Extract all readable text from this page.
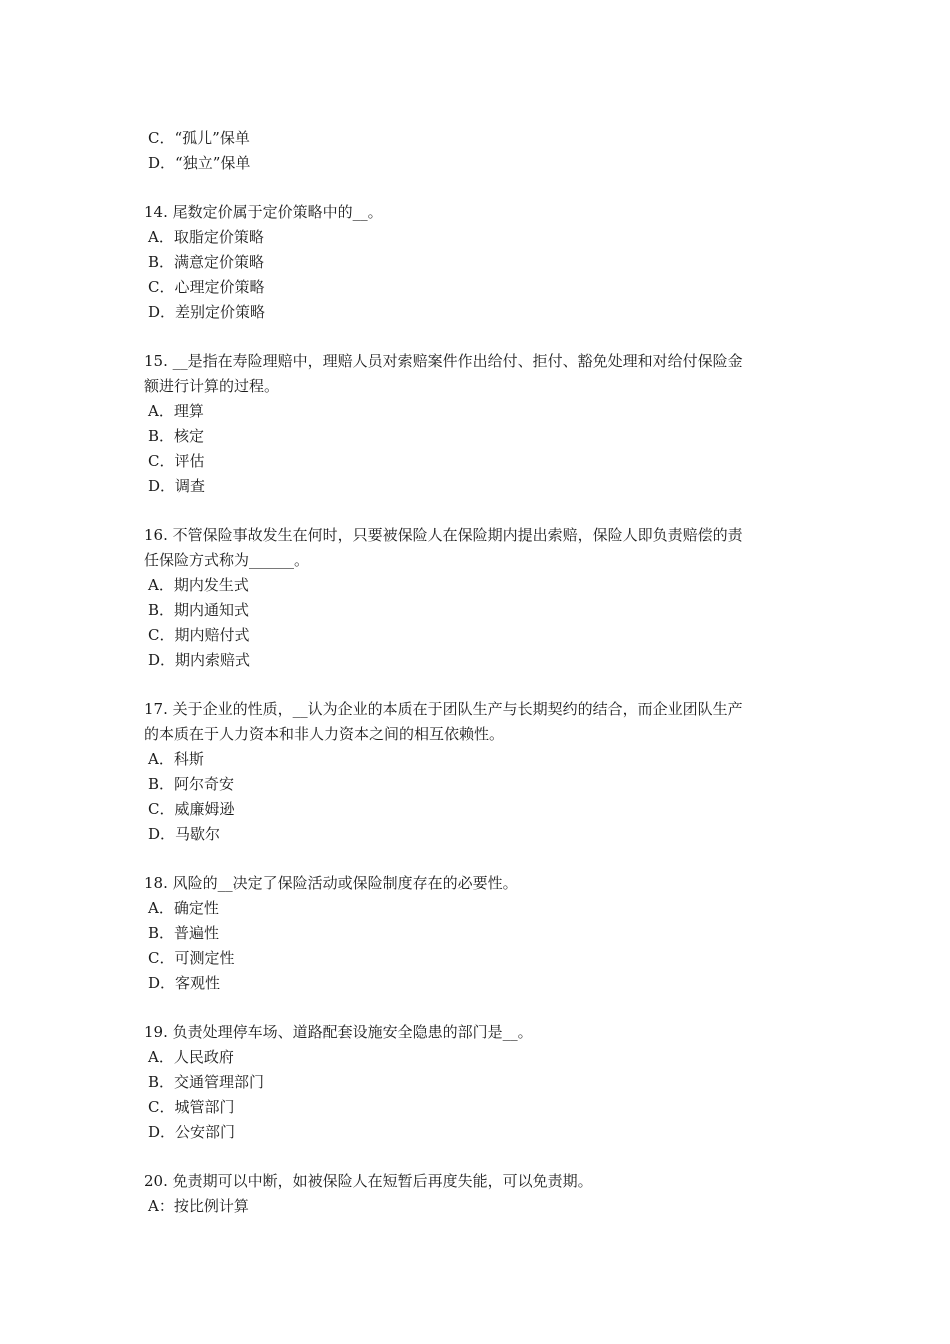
C．“孤儿”保单
D．“独立”保单
14. 尾数定价属于定价策略中的__。
A．取脂定价策略
B．满意定价策略
C．心理定价策略
D．差别定价策略
15. __是指在寿险理赔中，理赔人员对索赔案件作出给付、拒付、豁免处理和对给付保险金
额进行计算的过程。
A．理算
B．核定
C．评估
D．调查
16. 不管保险事故发生在何时，只要被保险人在保险期内提出索赔，保险人即负责赔偿的责
任保险方式称为______。
A．期内发生式
B．期内通知式
C．期内赔付式
D．期内索赔式
17. 关于企业的性质，__认为企业的本质在于团队生产与长期契约的结合，而企业团队生产
的本质在于人力资本和非人力资本之间的相互依赖性。
A．科斯
B．阿尔奇安
C．威廉姆逊
D．马歇尔
18. 风险的__决定了保险活动或保险制度存在的必要性。
A．确定性
B．普遍性
C．可测定性
D．客观性
19. 负责处理停车场、道路配套设施安全隐患的部门是__。
A．人民政府
B．交通管理部门
C．城管部门
D．公安部门
20. 免责期可以中断，如被保险人在短暂后再度失能，可以免责期。
A：按比例计算
